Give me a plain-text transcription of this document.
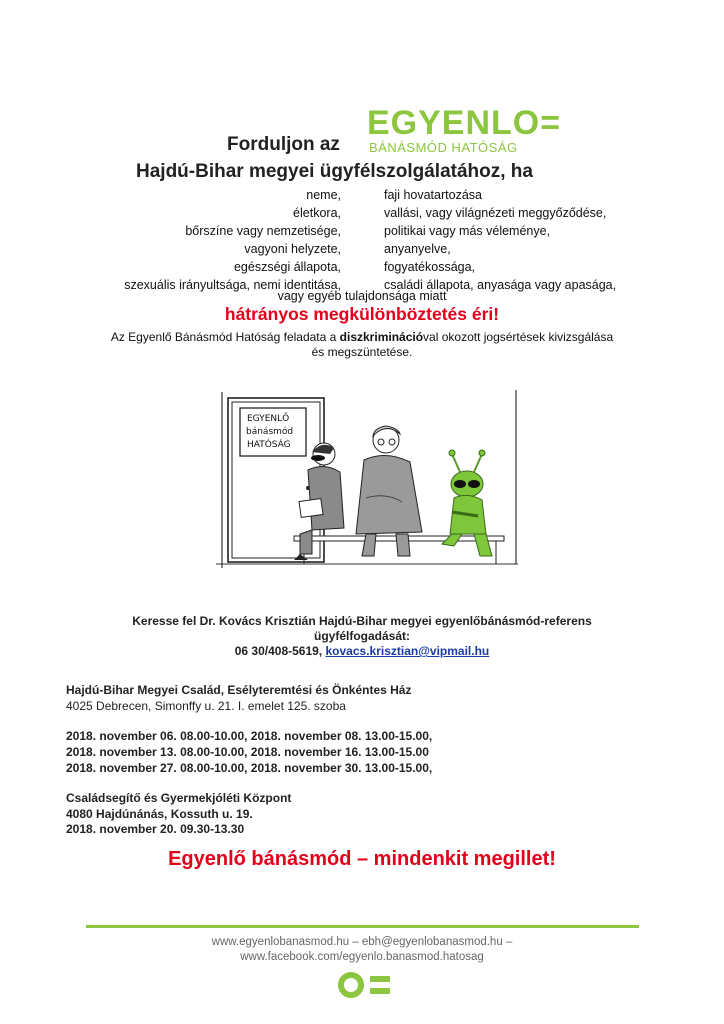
EGYENLO=
BÁNÁSMÓD HATÓSÁG
Forduljon az
Hajdú-Bihar megyei ügyfélszolgálatához, ha
neme,	faji hovatartozása
életkora,	vallási, vagy világnézeti meggyőződése,
bőrszíne vagy nemzetisége,	politikai vagy más véleménye,
vagyoni helyzete,	anyanyelve,
egészségi állapota,	fogyatékossága,
szexuális irányultsága, nemi identitása,	családi állapota, anyasága vagy apasága,
vagy egyéb tulajdonsága miatt
hátrányos megkülönböztetés éri!
Az Egyenlő Bánásmód Hatóság feladata a diszkriminációval okozott jogsértések kivizsgálása
és megszüntetése.
EGYENLŐ
bánásmód
HATÓSÁG
Keresse fel Dr. Kovács Krisztián Hajdú-Bihar megyei egyenlőbánásmód-referens
ügyfélfogadását:
06 30/408-5619, kovacs.krisztian@vipmail.hu
Hajdú-Bihar Megyei Család, Esélyteremtési és Önkéntes Ház
4025 Debrecen, Simonffy u. 21. I. emelet 125. szoba
2018. november 06. 08.00-10.00, 2018. november 08. 13.00-15.00,
2018. november 13. 08.00-10.00, 2018. november 16. 13.00-15.00
2018. november 27. 08.00-10.00, 2018. november 30. 13.00-15.00,
Családsegítő és Gyermekjóléti Központ
4080 Hajdúnánás, Kossuth u. 19.
2018. november 20. 09.30-13.30
Egyenlő bánásmód – mindenkit megillet!
www.egyenlobanasmod.hu – ebh@egyenlobanasmod.hu –
www.facebook.com/egyenlo.banasmod.hatosag
